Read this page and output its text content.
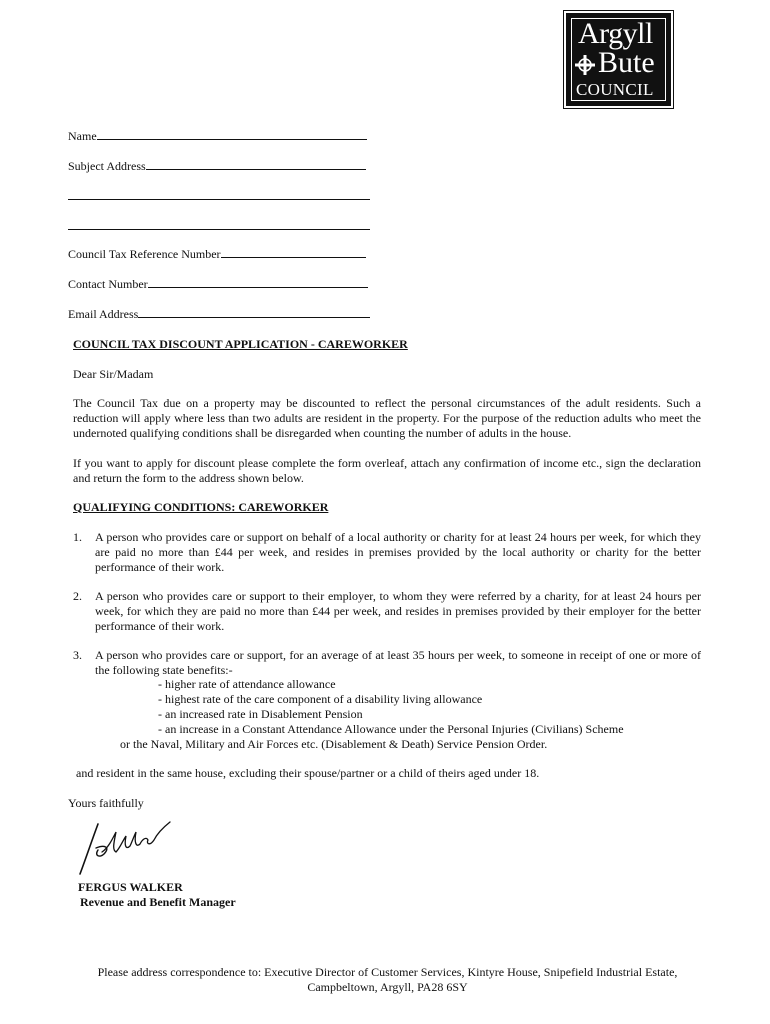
Argyll
Bute
COUNCIL
Name
Subject Address
Council Tax Reference Number
Contact Number
Email Address
COUNCIL TAX DISCOUNT APPLICATION - CAREWORKER
Dear Sir/Madam
The Council Tax due on a property may be discounted to reflect the personal circumstances of the adult residents. Such a reduction will apply where less than two adults are resident in the property. For the purpose of the reduction adults who meet the undernoted qualifying conditions shall be disregarded when counting the number of adults in the house.
If you want to apply for discount please complete the form overleaf, attach any confirmation of income etc., sign the declaration and return the form to the address shown below.
QUALIFYING CONDITIONS: CAREWORKER
1. A person who provides care or support on behalf of a local authority or charity for at least 24 hours per week, for which they are paid no more than £44 per week, and resides in premises provided by the local authority or charity for the better performance of their work.
2. A person who provides care or support to their employer, to whom they were referred by a charity, for at least 24 hours per week, for which they are paid no more than £44 per week, and resides in premises provided by their employer for the better performance of their work.
3. A person who provides care or support, for an average of at least 35 hours per week, to someone in receipt of one or more of the following state benefits:-
- higher rate of attendance allowance
- highest rate of the care component of a disability living allowance
- an increased rate in Disablement Pension
- an increase in a Constant Attendance Allowance under the Personal Injuries (Civilians) Scheme
or the Naval, Military and Air Forces etc. (Disablement & Death) Service Pension Order.
and resident in the same house, excluding their spouse/partner or a child of theirs aged under 18.
Yours faithfully
FERGUS WALKER
Revenue and Benefit Manager
Please address correspondence to: Executive Director of Customer Services, Kintyre House, Snipefield Industrial Estate,
Campbeltown, Argyll, PA28 6SY
